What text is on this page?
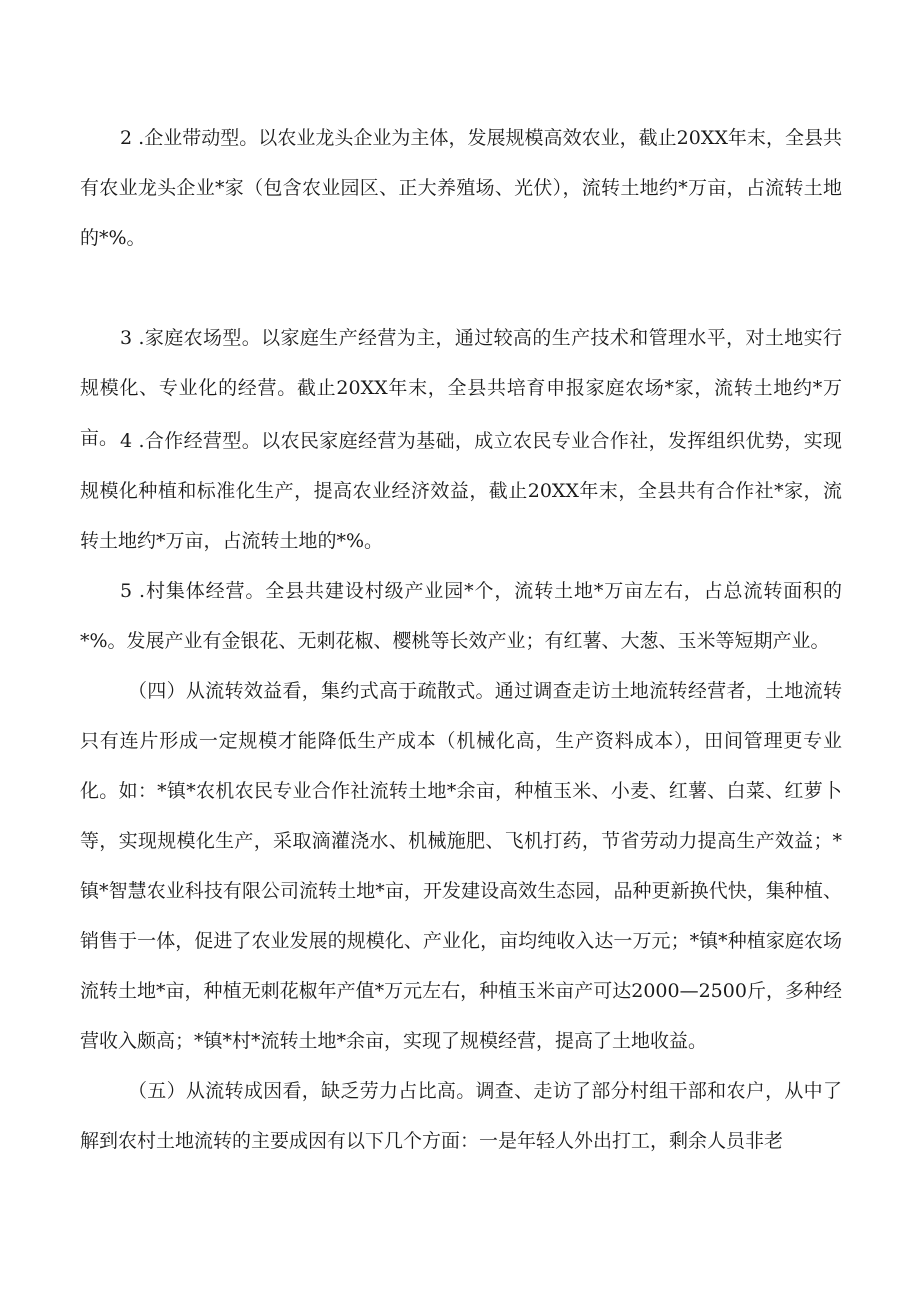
2 .企业带动型。以农业龙头企业为主体，发展规模高效农业，截止20XX年末，全县共有农业龙头企业*家（包含农业园区、正大养殖场、光伏），流转土地约*万亩，占流转土地的*%。

3 .家庭农场型。以家庭生产经营为主，通过较高的生产技术和管理水平，对土地实行规模化、专业化的经营。截止20XX年末，全县共培育申报家庭农场*家，流转土地约*万亩。 4 .合作经营型。以农民家庭经营为基础，成立农民专业合作社，发挥组织优势，实现规模化种植和标准化生产，提高农业经济效益，截止20XX年末，全县共有合作社*家，流转土地约*万亩，占流转土地的*%。

5 .村集体经营。全县共建设村级产业园*个，流转土地*万亩左右，占总流转面积的*%。发展产业有金银花、无刺花椒、樱桃等长效产业；有红薯、大葱、玉米等短期产业。

（四）从流转效益看，集约式高于疏散式。通过调查走访土地流转经营者，土地流转只有连片形成一定规模才能降低生产成本（机械化高，生产资料成本），田间管理更专业化。如：*镇*农机农民专业合作社流转土地*余亩，种植玉米、小麦、红薯、白菜、红萝卜等，实现规模化生产，采取滴灌浇水、机械施肥、飞机打药，节省劳动力提高生产效益；*镇*智慧农业科技有限公司流转土地*亩，开发建设高效生态园，品种更新换代快，集种植、销售于一体，促进了农业发展的规模化、产业化，亩均纯收入达一万元；*镇*种植家庭农场流转土地*亩，种植无刺花椒年产值*万元左右，种植玉米亩产可达2000—2500斤，多种经营收入颇高；*镇*村*流转土地*余亩，实现了规模经营，提高了土地收益。

（五）从流转成因看，缺乏劳力占比高。调查、走访了部分村组干部和农户，从中了解到农村土地流转的主要成因有以下几个方面：一是年轻人外出打工，剩余人员非老
